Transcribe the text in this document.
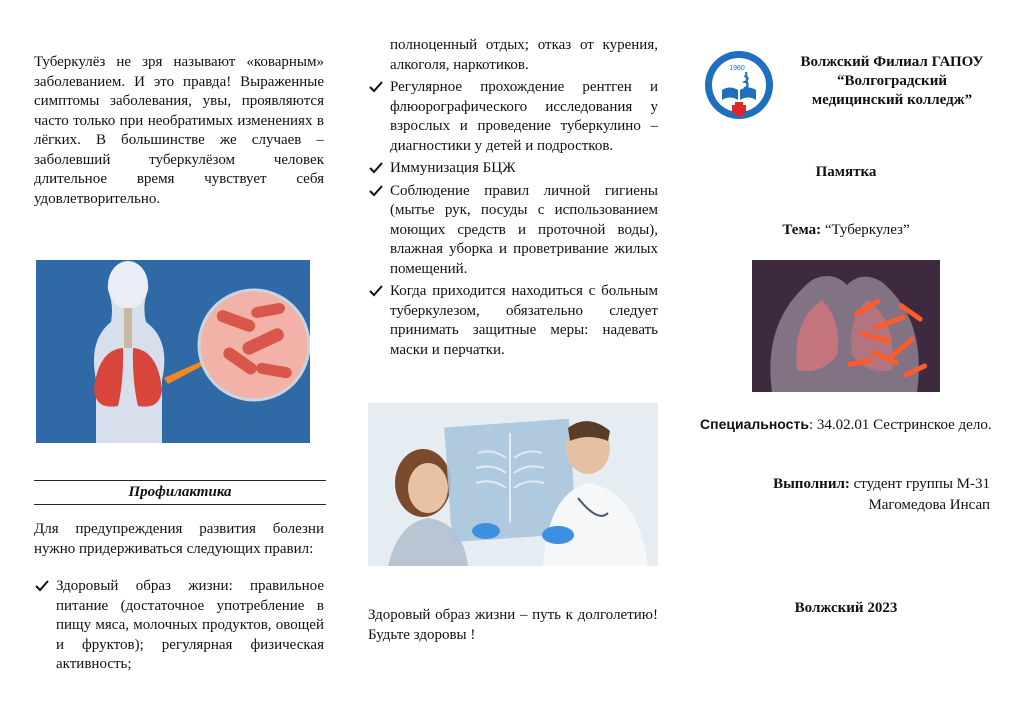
Туберкулёз не зря называют «коварным» заболеванием. И это правда! Выраженные симптомы заболевания, увы, проявляются часто только при необратимых изменениях в лёгких. В большинстве же случаев – заболевший туберкулёзом человек длительное время чувствует себя удовлетворительно.

Профилактика

Для предупреждения развития болезни нужно придерживаться следующих правил:

Здоровый образ жизни: правильное питание (достаточное употребление в пищу мяса, молочных продуктов, овощей и фруктов); регулярная физическая активность;

полноценный отдых; отказ от курения, алкоголя, наркотиков.

Регулярное прохождение рентген и флюорографического исследования у взрослых и проведение туберкулино – диагностики у детей и подростков.
Иммунизация БЦЖ
Соблюдение правил личной гигиены (мытье рук, посуды с использованием моющих средств и проточной воды), влажная уборка и проветривание жилых помещений.
Когда приходится находиться с больным туберкулезом, обязательно следует принимать защитные меры: надевать маски и перчатки.

Здоровый образ жизни – путь к долголетию! Будьте здоровы !

1960	Волжский Филиал ГАПОУ “Волгоградский медицинский колледж”
Памятка
Тема: “Туберкулез”
Специальность: 34.02.01 Сестринское дело.
Выполнил: студент группы М-31
Магомедова Инсап
Волжский 2023
